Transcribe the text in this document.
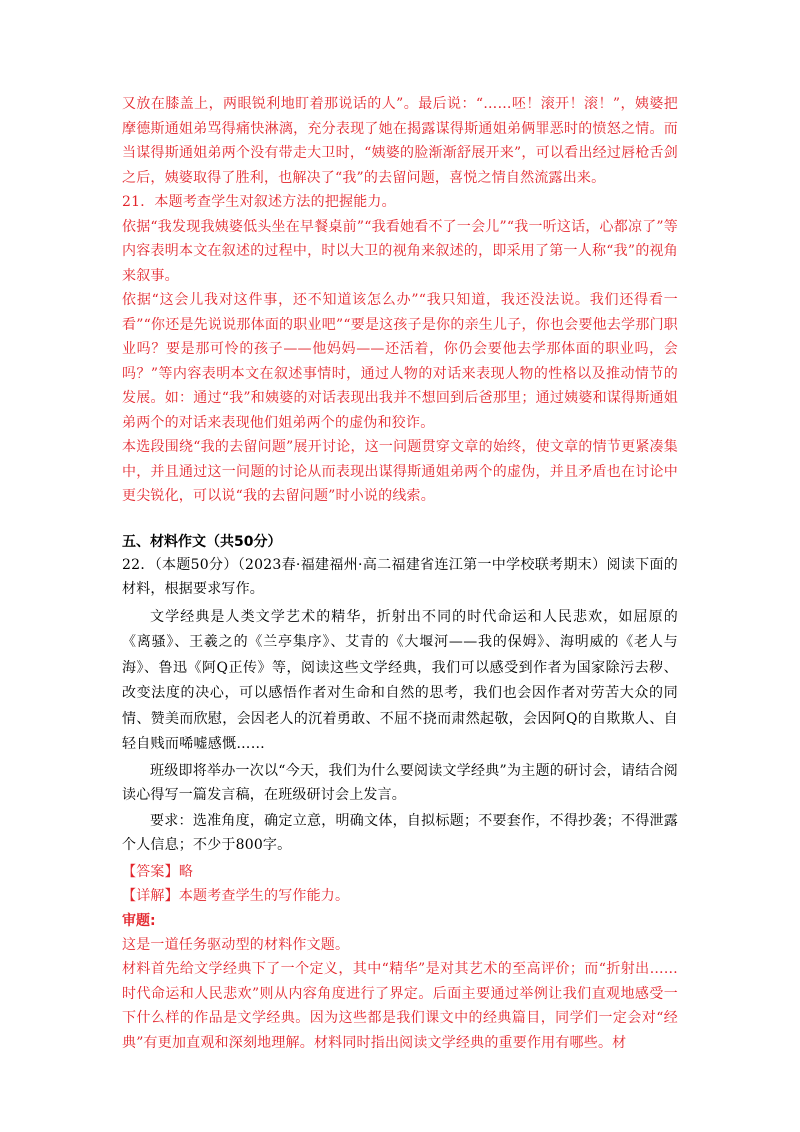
又放在膝盖上，两眼锐利地盯着那说话的人”。最后说：“……呸！滚开！滚！”，姨婆把摩德斯通姐弟骂得痛快淋漓，充分表现了她在揭露谋得斯通姐弟俩罪恶时的愤怒之情。而当谋得斯通姐弟两个没有带走大卫时，“姨婆的脸渐渐舒展开来”，可以看出经过唇枪舌剑之后，姨婆取得了胜利，也解决了“我”的去留问题，喜悦之情自然流露出来。

21．本题考查学生对叙述方法的把握能力。

依据“我发现我姨婆低头坐在早餐桌前”“我看她看不了一会儿”“我一听这话，心都凉了”等内容表明本文在叙述的过程中，时以大卫的视角来叙述的，即采用了第一人称“我”的视角来叙事。

依据“这会儿我对这件事，还不知道该怎么办”“我只知道，我还没法说。我们还得看一看”“你还是先说说那体面的职业吧”“要是这孩子是你的亲生儿子，你也会要他去学那门职业吗？要是那可怜的孩子——他妈妈——还活着，你仍会要他去学那体面的职业吗，会吗？”等内容表明本文在叙述事情时，通过人物的对话来表现人物的性格以及推动情节的发展。如：通过“我”和姨婆的对话表现出我并不想回到后爸那里；通过姨婆和谋得斯通姐弟两个的对话来表现他们姐弟两个的虚伪和狡诈。

本选段围绕“我的去留问题”展开讨论，这一问题贯穿文章的始终，使文章的情节更紧凑集中，并且通过这一问题的讨论从而表现出谋得斯通姐弟两个的虚伪，并且矛盾也在讨论中更尖锐化，可以说“我的去留问题”时小说的线索。

五、材料作文（共50分）

22．（本题50分）（2023春·福建福州·高二福建省连江第一中学校联考期末）阅读下面的材料，根据要求写作。

文学经典是人类文学艺术的精华，折射出不同的时代命运和人民悲欢，如屈原的《离骚》、王羲之的《兰亭集序》、艾青的《大堰河——我的保姆》、海明威的《老人与海》、鲁迅《阿Q正传》等，阅读这些文学经典，我们可以感受到作者为国家除污去秽、改变法度的决心，可以感悟作者对生命和自然的思考，我们也会因作者对劳苦大众的同情、赞美而欣慰，会因老人的沉着勇敢、不屈不挠而肃然起敬，会因阿Q的自欺欺人、自轻自贱而唏嘘感慨……

班级即将举办一次以“今天，我们为什么要阅读文学经典”为主题的研讨会，请结合阅读心得写一篇发言稿，在班级研讨会上发言。

要求：选准角度，确定立意，明确文体，自拟标题；不要套作，不得抄袭；不得泄露个人信息；不少于800字。

【答案】略

【详解】本题考查学生的写作能力。

审题:

这是一道任务驱动型的材料作文题。

材料首先给文学经典下了一个定义，其中“精华”是对其艺术的至高评价；而“折射出……时代命运和人民悲欢”则从内容角度进行了界定。后面主要通过举例让我们直观地感受一下什么样的作品是文学经典。因为这些都是我们课文中的经典篇目，同学们一定会对“经典”有更加直观和深刻地理解。材料同时指出阅读文学经典的重要作用有哪些。材
